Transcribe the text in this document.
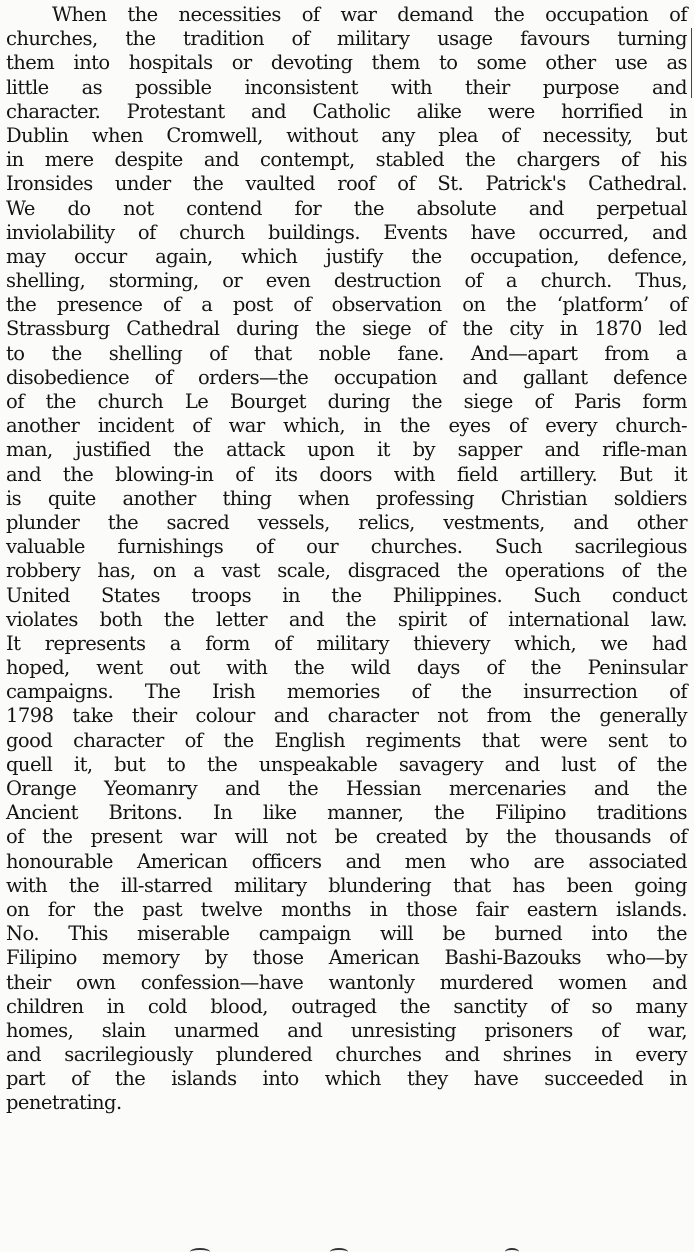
When the necessities of war demand the occupation of
churches, the tradition of military usage favours turning
them into hospitals or devoting them to some other use as
little as possible inconsistent with their purpose and
character. Protestant and Catholic alike were horrified in
Dublin when Cromwell, without any plea of necessity, but
in mere despite and contempt, stabled the chargers of his
Ironsides under the vaulted roof of St. Patrick's Cathedral.
We do not contend for the absolute and perpetual
inviolability of church buildings. Events have occurred, and
may occur again, which justify the occupation, defence,
shelling, storming, or even destruction of a church. Thus,
the presence of a post of observation on the ‘platform’ of
Strassburg Cathedral during the siege of the city in 1870 led
to the shelling of that noble fane. And—apart from a
disobedience of orders—the occupation and gallant defence
of the church Le Bourget during the siege of Paris form
another incident of war which, in the eyes of every church-
man, justified the attack upon it by sapper and rifle-man
and the blowing-in of its doors with field artillery. But it
is quite another thing when professing Christian soldiers
plunder the sacred vessels, relics, vestments, and other
valuable furnishings of our churches. Such sacrilegious
robbery has, on a vast scale, disgraced the operations of the
United States troops in the Philippines. Such conduct
violates both the letter and the spirit of international law.
It represents a form of military thievery which, we had
hoped, went out with the wild days of the Peninsular
campaigns. The Irish memories of the insurrection of
1798 take their colour and character not from the generally
good character of the English regiments that were sent to
quell it, but to the unspeakable savagery and lust of the
Orange Yeomanry and the Hessian mercenaries and the
Ancient Britons. In like manner, the Filipino traditions
of the present war will not be created by the thousands of
honourable American officers and men who are associated
with the ill-starred military blundering that has been going
on for the past twelve months in those fair eastern islands.
No. This miserable campaign will be burned into the
Filipino memory by those American Bashi-Bazouks who—by
their own confession—have wantonly murdered women and
children in cold blood, outraged the sanctity of so many
homes, slain unarmed and unresisting prisoners of war,
and sacrilegiously plundered churches and shrines in every
part of the islands into which they have succeeded in
penetrating.
